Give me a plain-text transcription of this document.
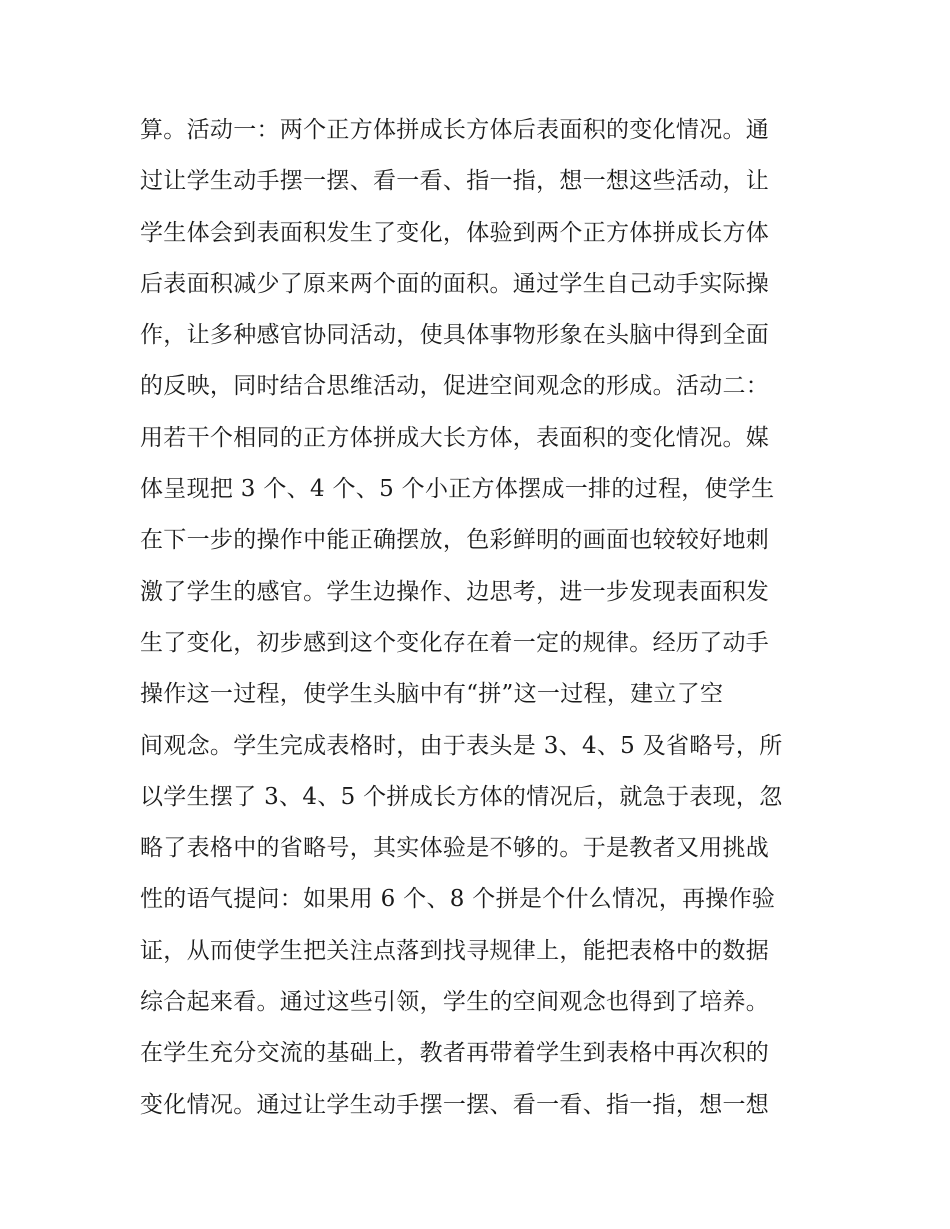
算。活动一：两个正方体拼成长方体后表面积的变化情况。通
过让学生动手摆一摆、看一看、指一指，想一想这些活动，让
学生体会到表面积发生了变化，体验到两个正方体拼成长方体
后表面积减少了原来两个面的面积。通过学生自己动手实际操
作，让多种感官协同活动，使具体事物形象在头脑中得到全面
的反映，同时结合思维活动，促进空间观念的形成。活动二：
用若干个相同的正方体拼成大长方体，表面积的变化情况。媒
体呈现把 3 个、4 个、5 个小正方体摆成一排的过程，使学生
在下一步的操作中能正确摆放，色彩鲜明的画面也较较好地刺
激了学生的感官。学生边操作、边思考，进一步发现表面积发
生了变化，初步感到这个变化存在着一定的规律。经历了动手
操作这一过程，使学生头脑中有“拼”这一过程，建立了空
间观念。学生完成表格时，由于表头是 3、4、5 及省略号，所
以学生摆了 3、4、5 个拼成长方体的情况后，就急于表现，忽
略了表格中的省略号，其实体验是不够的。于是教者又用挑战
性的语气提问：如果用 6 个、8 个拼是个什么情况，再操作验
证，从而使学生把关注点落到找寻规律上，能把表格中的数据
综合起来看。通过这些引领，学生的空间观念也得到了培养。
在学生充分交流的基础上，教者再带着学生到表格中再次积的
变化情况。通过让学生动手摆一摆、看一看、指一指，想一想
